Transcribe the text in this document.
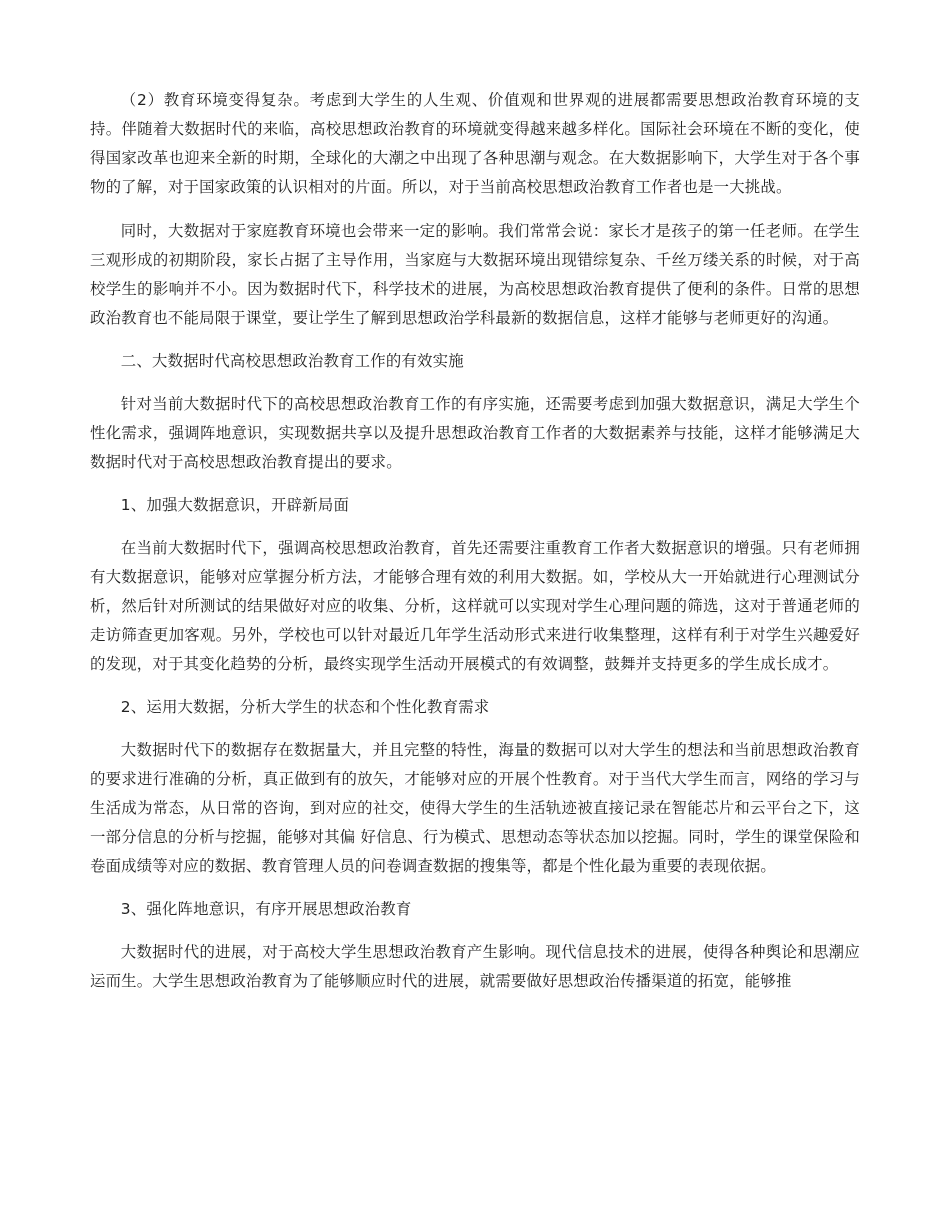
（2）教育环境变得复杂。考虑到大学生的人生观、价值观和世界观的进展都需要思想政治教育环境的支持。伴随着大数据时代的来临，高校思想政治教育的环境就变得越来越多样化。国际社会环境在不断的变化，使得国家改革也迎来全新的时期，全球化的大潮之中出现了各种思潮与观念。在大数据影响下，大学生对于各个事物的了解，对于国家政策的认识相对的片面。所以，对于当前高校思想政治教育工作者也是一大挑战。

同时，大数据对于家庭教育环境也会带来一定的影响。我们常常会说：家长才是孩子的第一任老师。在学生三观形成的初期阶段，家长占据了主导作用，当家庭与大数据环境出现错综复杂、千丝万缕关系的时候，对于高校学生的影响并不小。因为数据时代下，科学技术的进展，为高校思想政治教育提供了便利的条件。日常的思想政治教育也不能局限于课堂，要让学生了解到思想政治学科最新的数据信息，这样才能够与老师更好的沟通。

二、大数据时代高校思想政治教育工作的有效实施

针对当前大数据时代下的高校思想政治教育工作的有序实施，还需要考虑到加强大数据意识，满足大学生个性化需求，强调阵地意识，实现数据共享以及提升思想政治教育工作者的大数据素养与技能，这样才能够满足大数据时代对于高校思想政治教育提出的要求。

1、加强大数据意识，开辟新局面

在当前大数据时代下，强调高校思想政治教育，首先还需要注重教育工作者大数据意识的增强。只有老师拥有大数据意识，能够对应掌握分析方法，才能够合理有效的利用大数据。如，学校从大一开始就进行心理测试分析，然后针对所测试的结果做好对应的收集、分析，这样就可以实现对学生心理问题的筛选，这对于普通老师的走访筛查更加客观。另外，学校也可以针对最近几年学生活动形式来进行收集整理，这样有利于对学生兴趣爱好的发现，对于其变化趋势的分析，最终实现学生活动开展模式的有效调整，鼓舞并支持更多的学生成长成才。

2、运用大数据，分析大学生的状态和个性化教育需求

大数据时代下的数据存在数据量大，并且完整的特性，海量的数据可以对大学生的想法和当前思想政治教育的要求进行准确的分析，真正做到有的放矢，才能够对应的开展个性教育。对于当代大学生而言，网络的学习与生活成为常态，从日常的咨询，到对应的社交，使得大学生的生活轨迹被直接记录在智能芯片和云平台之下，这一部分信息的分析与挖掘，能够对其偏 好信息、行为模式、思想动态等状态加以挖掘。同时，学生的课堂保险和卷面成绩等对应的数据、教育管理人员的问卷调查数据的搜集等，都是个性化最为重要的表现依据。

3、强化阵地意识，有序开展思想政治教育

大数据时代的进展，对于高校大学生思想政治教育产生影响。现代信息技术的进展，使得各种舆论和思潮应运而生。大学生思想政治教育为了能够顺应时代的进展，就需要做好思想政治传播渠道的拓宽，能够推
